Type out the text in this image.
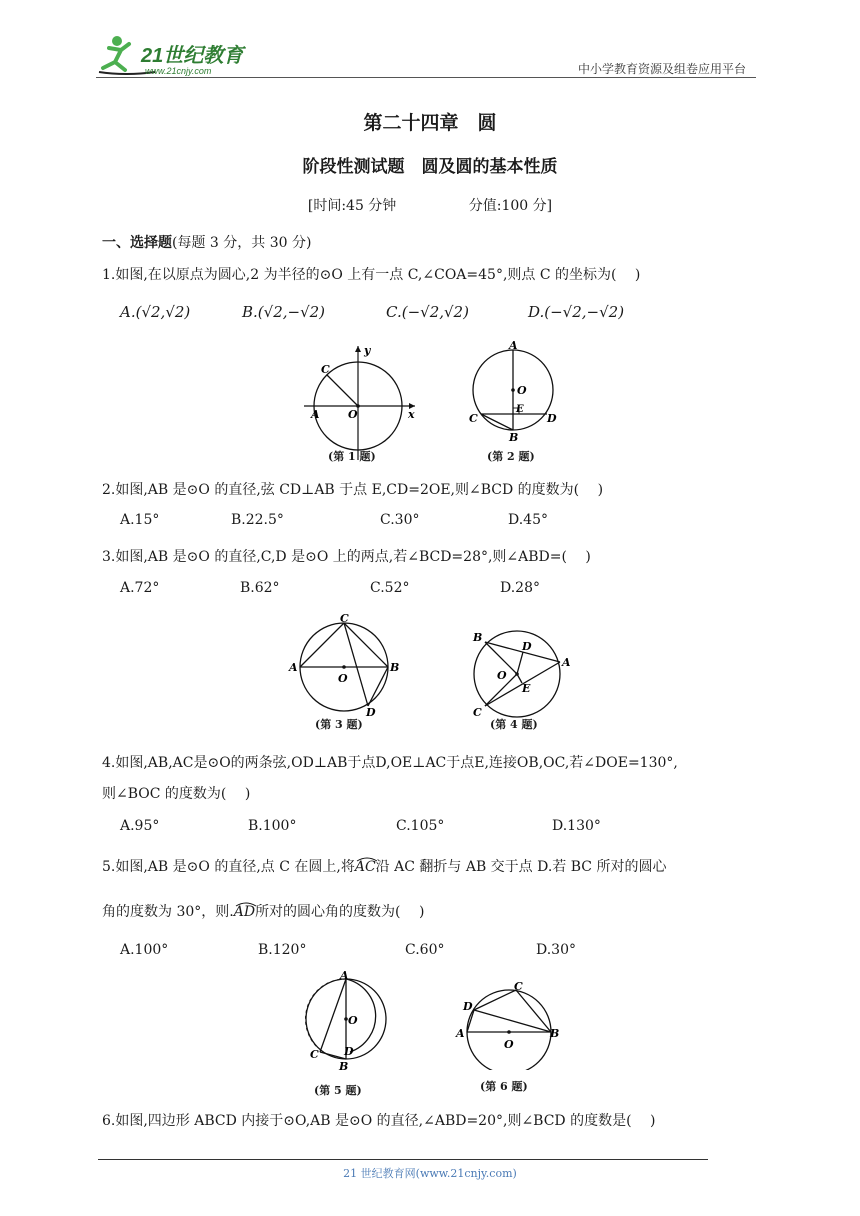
21世纪教育
www.21cnjy.com	中小学教育资源及组卷应用平台
第二十四章　圆
阶段性测试题　圆及圆的基本性质
[时间:45 分钟	分值:100 分]
一、选择题(每题 3 分，共 30 分)
1.如图,在以原点为圆心,2 为半径的⊙O 上有一点 C,∠COA=45°,则点 C 的坐标为(　 )
A.(√2,√2)	B.(√2,−√2)	C.(−√2,√2)	D.(−√2,−√2)
y
x
C
A	O
(第 1 题)
A
O
E
C	D
B
(第 2 题)
2.如图,AB 是⊙O 的直径,弦 CD⊥AB 于点 E,CD=2OE,则∠BCD 的度数为(　 )
A.15°	B.22.5°	C.30°	D.45°
3.如图,AB 是⊙O 的直径,C,D 是⊙O 上的两点,若∠BCD=28°,则∠ABD=(　 )
A.72°	B.62°	C.52°	D.28°
C
A
O
B
D
(第 3 题)
B
D
A
O
E
C
(第 4 题)
4.如图,AB,AC是⊙O的两条弦,OD⊥AB于点D,OE⊥AC于点E,连接OB,OC,若∠DOE=130°,
则∠BOC 的度数为(　 )
A.95°	B.100°	C.105°	D.130°
5.如图,AB 是⊙O 的直径,点 C 在圆上,将
AC沿 AC 翻折与 AB 交于点 D.若 BC 所对的圆心
角的度数为 30°，则.
AD所对的圆心角的度数为(　 )
A.100°	B.120°	C.60°	D.30°
A
O
C D
B
(第 5 题)
D
C
A
O
B
(第 6 题)
6.如图,四边形 ABCD 内接于⊙O,AB 是⊙O 的直径,∠ABD=20°,则∠BCD 的度数是(　 )
21 世纪教育网(www.21cnjy.com)
